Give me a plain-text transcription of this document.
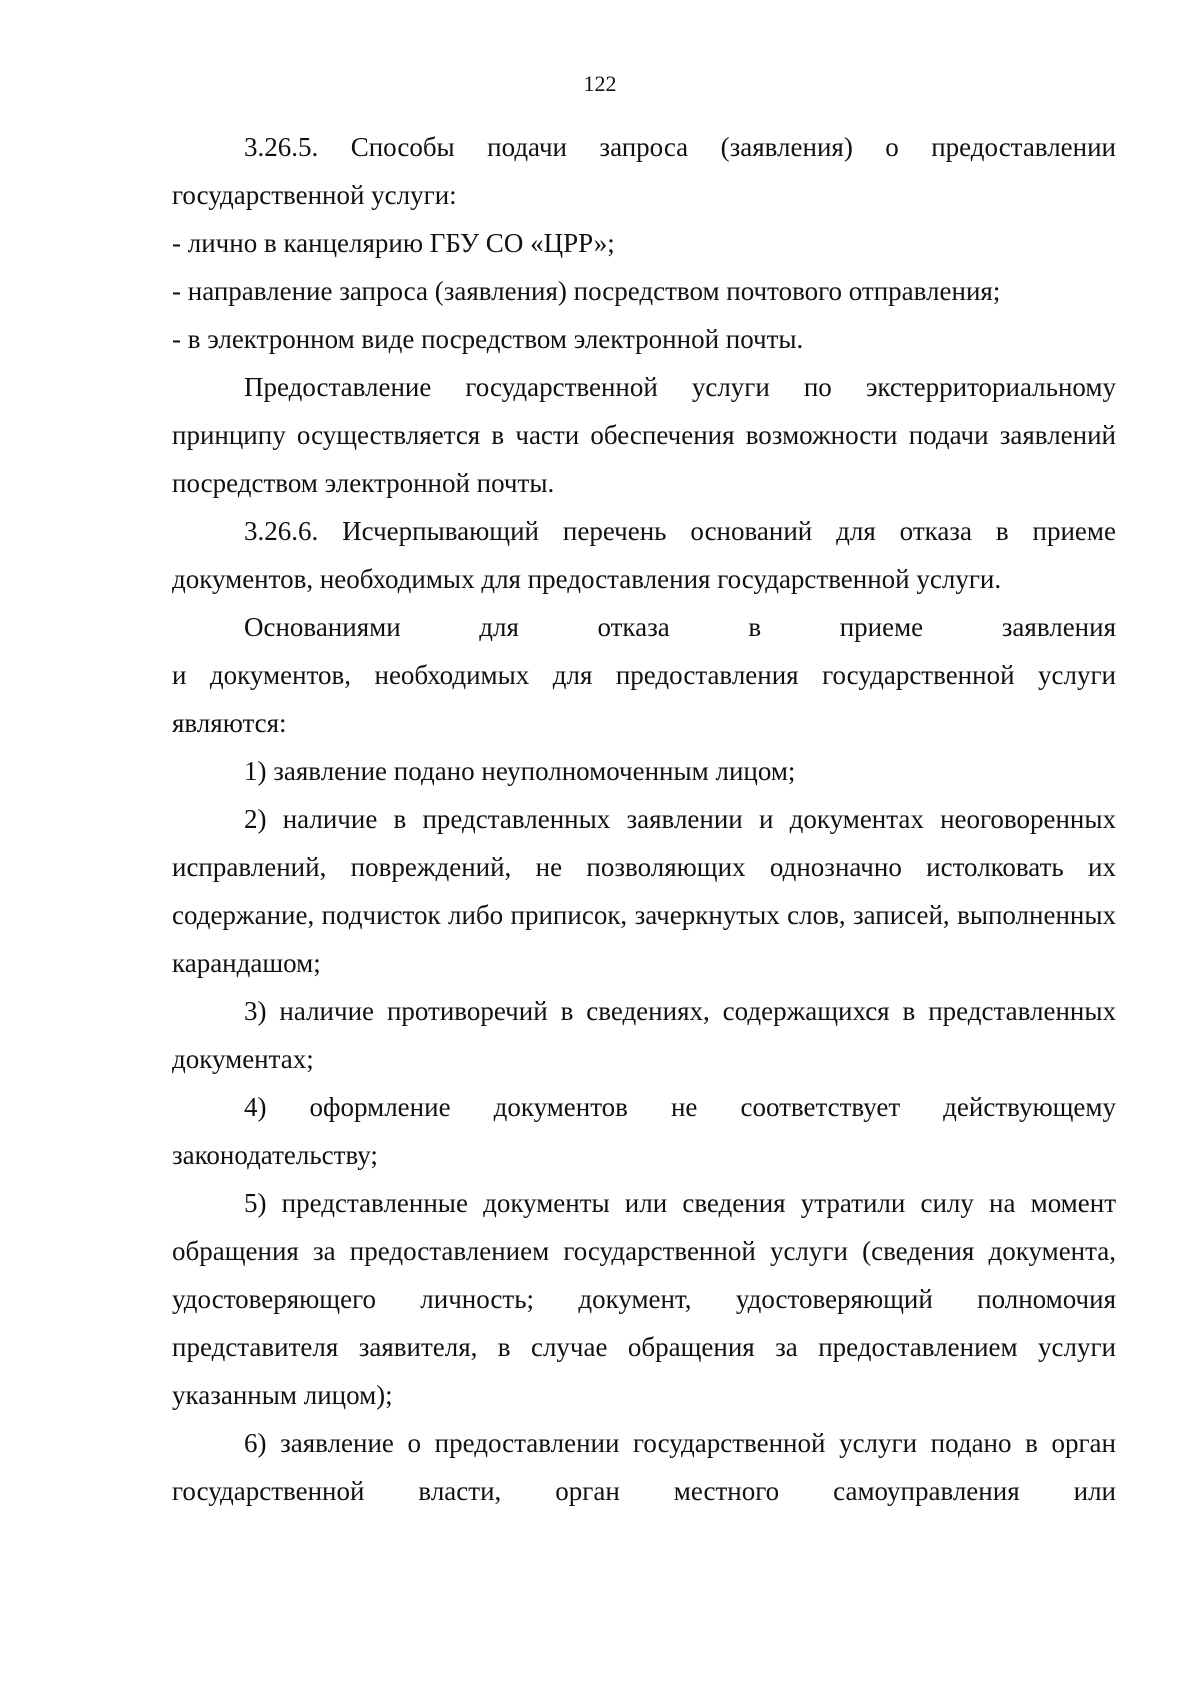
122

3.26.5. Способы подачи запроса (заявления) о предоставлении

государственной услуги:

- лично в канцелярию ГБУ СО «ЦРР»;

- направление запроса (заявления) посредством почтового отправления;

- в электронном виде посредством электронной почты.

Предоставление государственной услуги по экстерриториальному принципу осуществляется в части обеспечения возможности подачи заявлений посредством электронной почты.

3.26.6. Исчерпывающий перечень оснований для отказа в приеме документов, необходимых для предоставления государственной услуги.

Основаниями для отказа в приеме заявления

и документов, необходимых для предоставления государственной услуги являются:

1) заявление подано неуполномоченным лицом;

2) наличие в представленных заявлении и документах неоговоренных исправлений, повреждений, не позволяющих однозначно истолковать их содержание, подчисток либо приписок, зачеркнутых слов, записей, выполненных карандашом;

3) наличие противоречий в сведениях, содержащихся в представленных документах;

4) оформление документов не соответствует действующему законодательству;

5) представленные документы или сведения утратили силу на момент обращения за предоставлением государственной услуги (сведения документа, удостоверяющего личность; документ, удостоверяющий полномочия представителя заявителя, в случае обращения за предоставлением услуги указанным лицом);

6) заявление о предоставлении государственной услуги подано в орган государственной власти, орган местного самоуправления или
